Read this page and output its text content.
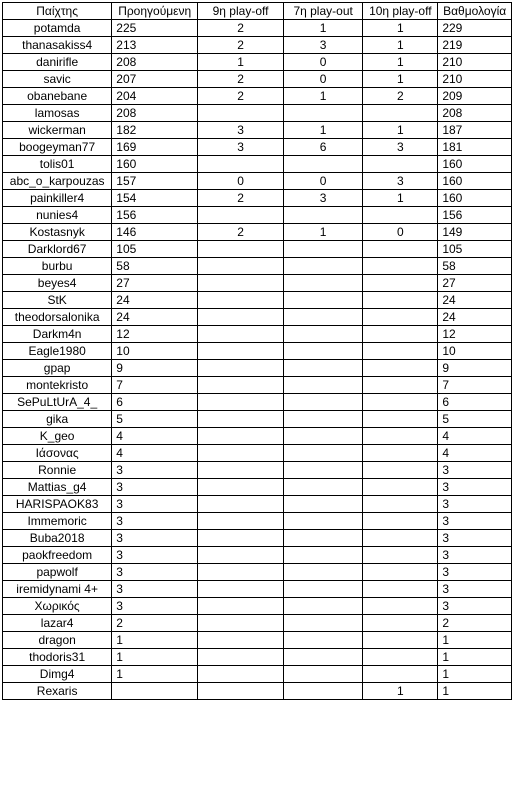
Παίχτης	Προηγούμενη	9η play-off	7η play-out	10η play-off	Βαθμολογία
potamda	225	2	1	1	229
thanasakiss4	213	2	3	1	219
danirifle	208	1	0	1	210
savic	207	2	0	1	210
obanebane	204	2	1	2	209
lamosas	208				208
wickerman	182	3	1	1	187
boogeyman77	169	3	6	3	181
tolis01	160				160
abc_o_karpouzas	157	0	0	3	160
painkiller4	154	2	3	1	160
nunies4	156				156
Kostasnyk	146	2	1	0	149
Darklord67	105				105
burbu	58				58
beyes4	27				27
StK	24				24
theodorsalonika	24				24
Darkm4n	12				12
Eagle1980	10				10
gpap	9				9
montekristo	7				7
SePuLtUrA_4_	6				6
gika	5				5
K_geo	4				4
Ιάσονας	4				4
Ronnie	3				3
Mattias_g4	3				3
HARISPAOK83	3				3
Immemoric	3				3
Buba2018	3				3
paokfreedom	3				3
papwolf	3				3
iremidynami 4+	3				3
Χωρικός	3				3
lazar4	2				2
dragon	1				1
thodoris31	1				1
Dimg4	1				1
Rexaris				1	1
